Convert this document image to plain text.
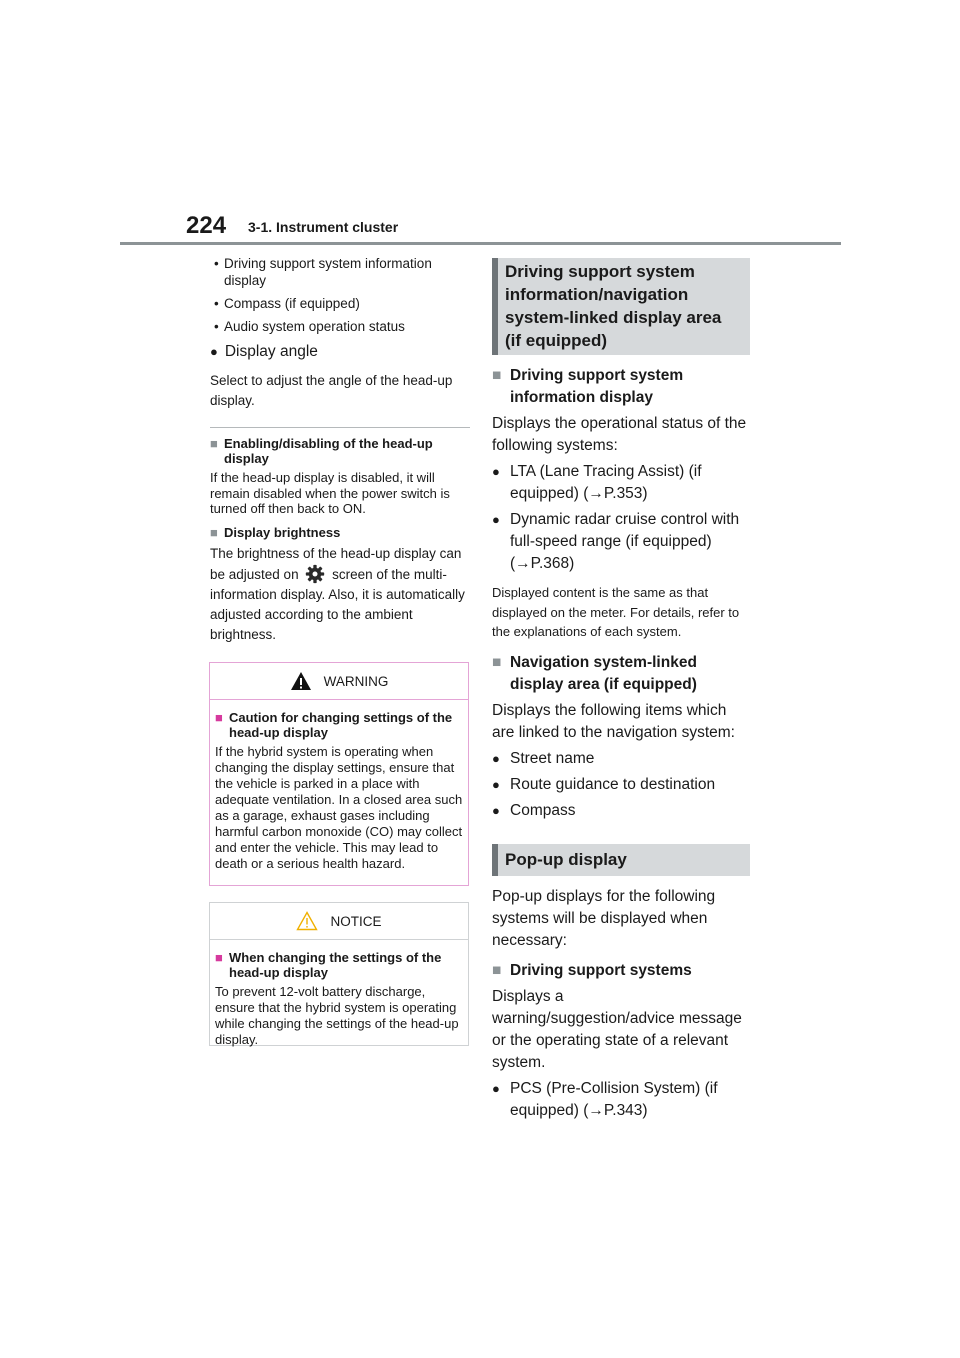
224 3-1. Instrument cluster
• Driving support system information display
• Compass (if equipped)
• Audio system operation status
● Display angle

Select to adjust the angle of the head-up display.

■ Enabling/disabling of the head-up display

If the head-up display is disabled, it will remain disabled when the power switch is turned off then back to ON.

■ Display brightness

The brightness of the head-up display can be adjusted on screen of the multi-information display. Also, it is automatically adjusted according to the ambient brightness.

WARNING
■ Caution for changing settings of the head-up display

If the hybrid system is operating when changing the display settings, ensure that the vehicle is parked in a place with adequate ventilation. In a closed area such as a garage, exhaust gases including harmful carbon monoxide (CO) may collect and enter the vehicle. This may lead to death or a serious health hazard.

NOTICE
■ When changing the settings of the head-up display

To prevent 12-volt battery discharge, ensure that the hybrid system is operating while changing the settings of the head-up display.

Driving support system information/navigation system-linked display area (if equipped)
■ Driving support system information display

Displays the operational status of the following systems:

● LTA (Lane Tracing Assist) (if equipped) (→P.353)
● Dynamic radar cruise control with full-speed range (if equipped) (→P.368)

Displayed content is the same as that displayed on the meter. For details, refer to the explanations of each system.

■ Navigation system-linked display area (if equipped)

Displays the following items which are linked to the navigation system:

● Street name
● Route guidance to destination
● Compass
Pop-up display

Pop-up displays for the following systems will be displayed when necessary:

■ Driving support systems

Displays a warning/suggestion/advice message or the operating state of a relevant system.

● PCS (Pre-Collision System) (if equipped) (→P.343)
